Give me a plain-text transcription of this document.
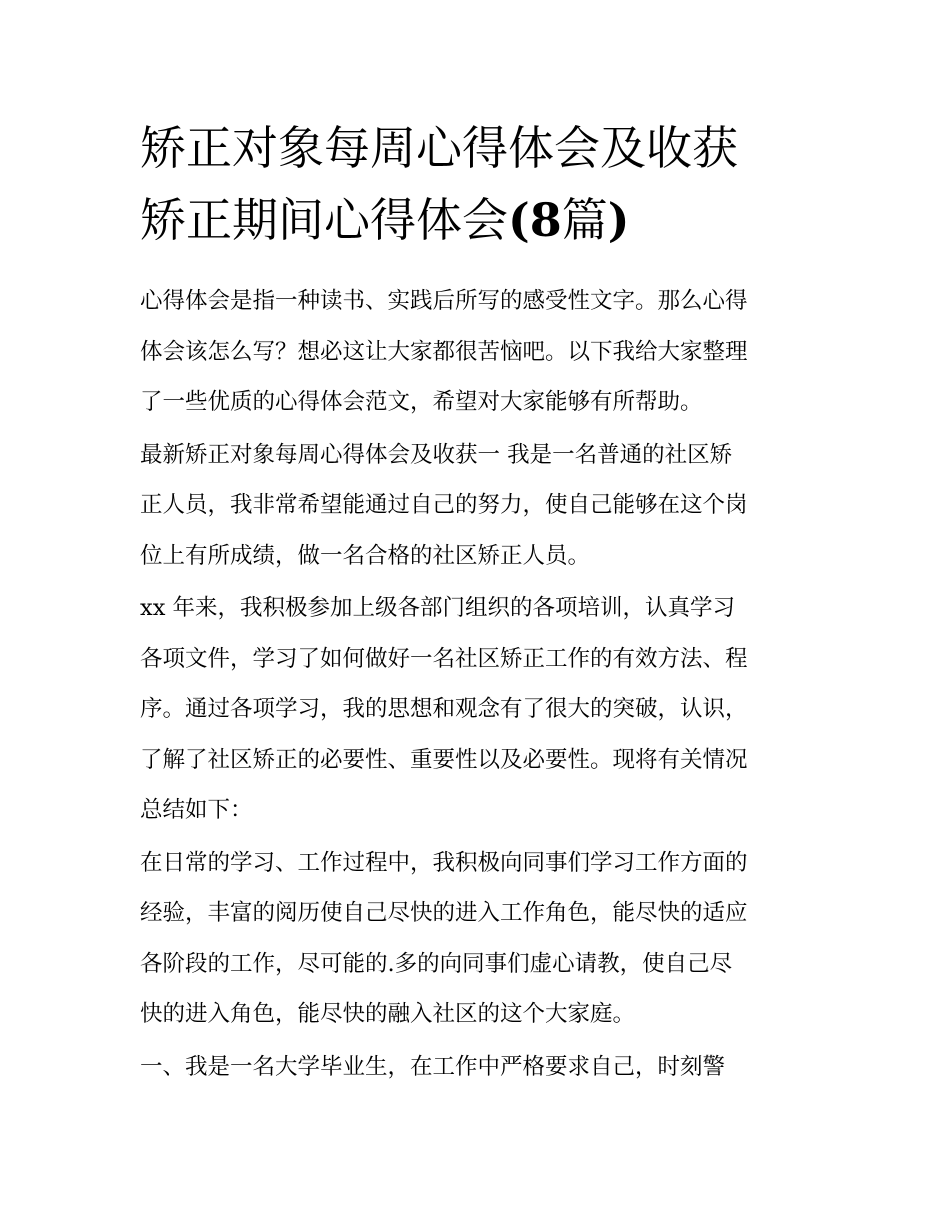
矫正对象每周心得体会及收获
矫正期间心得体会(8篇)

心得体会是指一种读书、实践后所写的感受性文字。那么心得
体会该怎么写？想必这让大家都很苦恼吧。以下我给大家整理
了一些优质的心得体会范文，希望对大家能够有所帮助。

最新矫正对象每周心得体会及收获一 我是一名普通的社区矫
正人员，我非常希望能通过自己的努力，使自己能够在这个岗
位上有所成绩，做一名合格的社区矫正人员。

xx 年来，我积极参加上级各部门组织的各项培训，认真学习
各项文件，学习了如何做好一名社区矫正工作的有效方法、程
序。通过各项学习，我的思想和观念有了很大的突破，认识，
了解了社区矫正的必要性、重要性以及必要性。现将有关情况
总结如下：

在日常的学习、工作过程中，我积极向同事们学习工作方面的
经验，丰富的阅历使自己尽快的进入工作角色，能尽快的适应
各阶段的工作，尽可能的.多的向同事们虚心请教，使自己尽
快的进入角色，能尽快的融入社区的这个大家庭。

一、我是一名大学毕业生，在工作中严格要求自己，时刻警
